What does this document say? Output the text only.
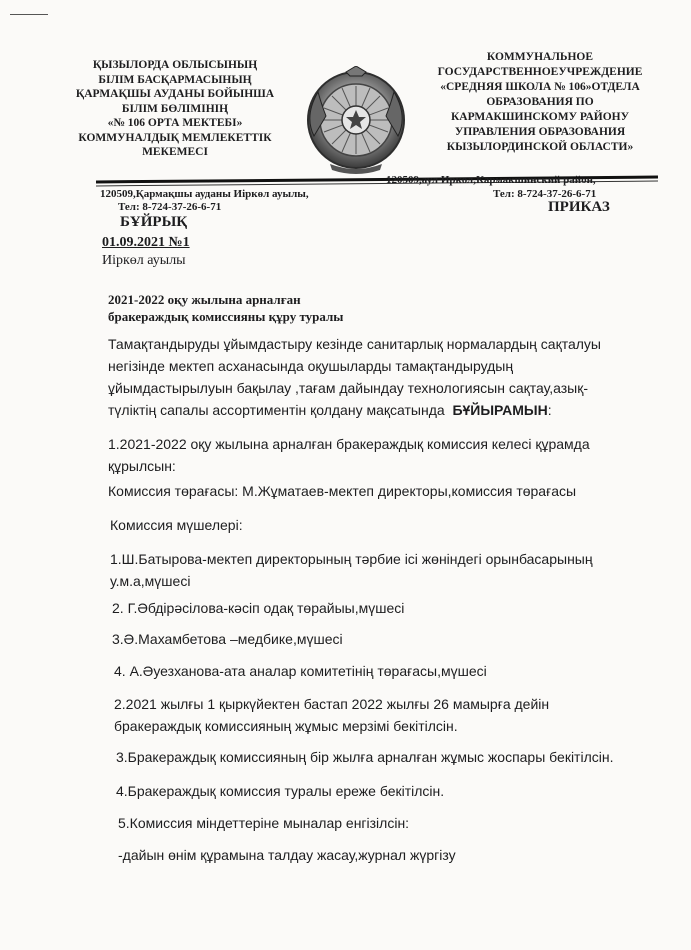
ҚЫЗЫЛОРДА ОБЛЫСЫНЫҢ
БІЛІМ БАСҚАРМАСЫНЫҢ
ҚАРМАҚШЫ АУДАНЫ БОЙЫНША
БІЛІМ БӨЛІМІНІҢ
«№ 106 ОРТА МЕКТЕБІ»
КОММУНАЛДЫҚ МЕМЛЕКЕТТІК
МЕКЕМЕСІ
КОММУНАЛЬНОЕ
ГОСУДАРСТВЕННОЕУЧРЕЖДЕНИЕ
«СРЕДНЯЯ ШКОЛА № 106»ОТДЕЛА
ОБРАЗОВАНИЯ ПО
КАРМАКШИНСКОМУ РАЙОНУ
УПРАВЛЕНИЯ ОБРАЗОВАНИЯ
КЫЗЫЛОРДИНСКОЙ ОБЛАСТИ»
120509,Қармақшы ауданы Иіркөл ауылы,
Тел: 8-724-37-26-6-71
120509,аул Иркол,Кармакшинский район,
Тел: 8-724-37-26-6-71
ПРИКАЗ
БҰЙРЫҚ
01.09.2021 №1
Иіркөл ауылы
2021-2022 оқу жылына арналған
бракераждық комиссияны құру туралы
Тамақтандыруды ұйымдастыру кезінде санитарлық нормалардың сақталуы
негізінде мектеп асханасында оқушыларды тамақтандырудың
ұйымдастырылуын бақылау ,тағам дайындау технологиясын сақтау,азық-
түліктің сапалы ассортиментін қолдану мақсатында БҰЙЫРАМЫН:
1.2021-2022 оқу жылына арналған бракераждық комиссия келесі құрамда
құрылсын:
Комиссия төрағасы: М.Жұматаев-мектеп директоры,комиссия төрағасы
Комиссия мүшелері:
1.Ш.Батырова-мектеп директорының тәрбие ісі жөніндегі орынбасарының
у.м.а,мүшесі
2. Г.Әбдірәсілова-кәсіп одақ төрайыы,мүшесі
3.Ә.Махамбетова –медбике,мүшесі
4. А.Әуезханова-ата аналар комитетінің төрағасы,мүшесі
2.2021 жылғы 1 қыркүйектен бастап 2022 жылғы 26 мамырға дейін
бракераждық комиссияның жұмыс мерзімі бекітілсін.
3.Бракераждық комиссияның бір жылға арналған жұмыс жоспары бекітілсін.
4.Бракераждық комиссия туралы ереже бекітілсін.
5.Комиссия міндеттеріне мыналар енгізілсін:
-дайын өнім құрамына талдау жасау,журнал жүргізу
